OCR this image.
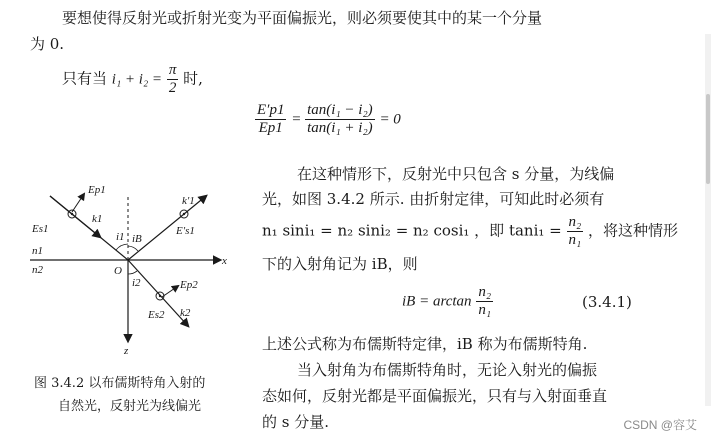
要想使得反射光或折射光变为平面偏振光，则必须要使其中的某一个分量
为 0.
只有当 $i_1 + i_2 = \frac{\pi}{2}$ 时,
$\frac{E'p1}{Ep1} = \frac{\text{tan(i₁ − i₂)}}{\text{tan(i₁ + i₂)}} = 0$
在这种情形下，反射光中只包含 s 分量，为线偏
光，如图 3.4.2 所示. 由折射定律，可知此时必须有
n₁ sini₁ = n₂ sini₂ = n₂ cosi₁ ，即 $\tan i_1 = \frac{\text{n₂}}{\text{n₁}}$ ，将这种情形
下的入射角记为 iB，则
iB = $\arctan \frac{\text{n₂}}{\text{n₁}}$	(3.4.1)
上述公式称为布儒斯特定律，iB 称为布儒斯特角.
当入射角为布儒斯特角时，无论入射光的偏振
态如何，反射光都是平面偏振光，只有与入射面垂直
的 s 分量.
Ep1
k1
Es1
n1
n2	O
x
z
i1 iB
i2
k′1
E′s1
Ep2
Es2 k2
图 3.4.2 以布儒斯特角入射的
自然光，反射光为线偏光
CSDN @容艾
